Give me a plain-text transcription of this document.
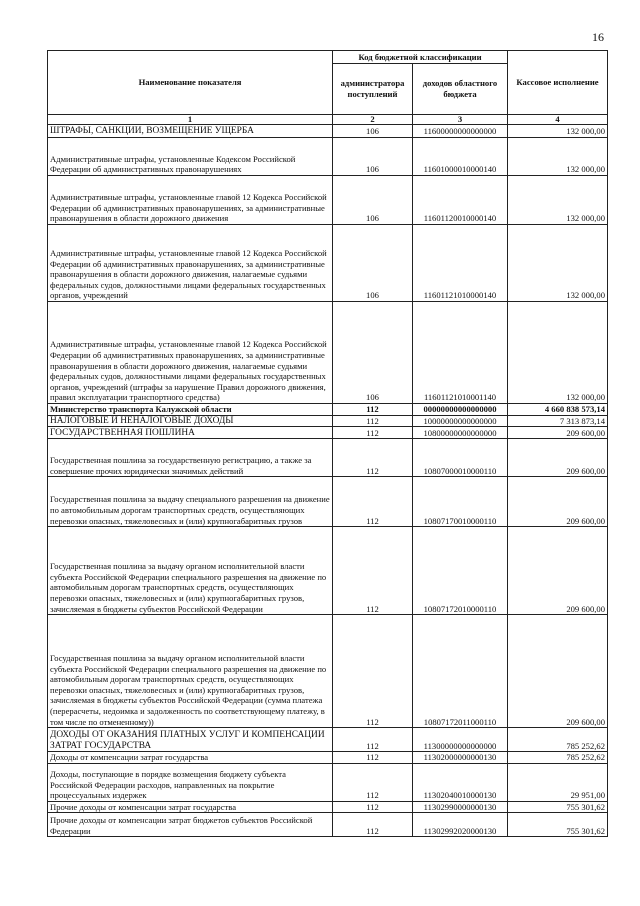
16
Наименование показателя	Код бюджетной классификации		Кассовое исполнение
	администратора поступлений	доходов областного бюджета	
1	2	3	4
ШТРАФЫ, САНКЦИИ, ВОЗМЕЩЕНИЕ УЩЕРБА	106	11600000000000000	132 000,00
Административные штрафы, установленные Кодексом Российской Федерации об административных правонарушениях	106	11601000010000140	132 000,00
Административные штрафы, установленные главой 12 Кодекса Российской Федерации об административных правонарушениях, за административные правонарушения в области дорожного движения	106	11601120010000140	132 000,00
Административные штрафы, установленные главой 12 Кодекса Российской Федерации об административных правонарушениях, за административные правонарушения в области дорожного движения, налагаемые судьями федеральных судов, должностными лицами федеральных государственных органов, учреждений	106	11601121010000140	132 000,00
Административные штрафы, установленные главой 12 Кодекса Российской Федерации об административных правонарушениях, за административные правонарушения в области дорожного движения, налагаемые судьями федеральных судов, должностными лицами федеральных государственных органов, учреждений (штрафы за нарушение Правил дорожного движения, правил эксплуатации транспортного средства)	106	11601121010001140	132 000,00
Министерство транспорта Калужской области	112	00000000000000000	4 660 838 573,14
НАЛОГОВЫЕ И НЕНАЛОГОВЫЕ ДОХОДЫ	112	10000000000000000	7 313 873,14
ГОСУДАРСТВЕННАЯ ПОШЛИНА	112	10800000000000000	209 600,00
Государственная пошлина за государственную регистрацию, а также за совершение прочих юридически значимых действий	112	10807000010000110	209 600,00
Государственная пошлина за выдачу специального разрешения на движение по автомобильным дорогам транспортных средств, осуществляющих перевозки опасных, тяжеловесных и (или) крупногабаритных грузов	112	10807170010000110	209 600,00
Государственная пошлина за выдачу органом исполнительной власти субъекта Российской Федерации специального разрешения на движение по автомобильным дорогам транспортных средств, осуществляющих перевозки опасных, тяжеловесных и (или) крупногабаритных грузов, зачисляемая в бюджеты субъектов Российской Федерации	112	10807172010000110	209 600,00
Государственная пошлина за выдачу органом исполнительной власти субъекта Российской Федерации специального разрешения на движение по автомобильным дорогам транспортных средств, осуществляющих перевозки опасных, тяжеловесных и (или) крупногабаритных грузов, зачисляемая в бюджеты субъектов Российской Федерации (сумма платежа (перерасчеты, недоимка и задолженность по соответствующему платежу, в том числе по отмененному))	112	10807172011000110	209 600,00
ДОХОДЫ ОТ ОКАЗАНИЯ ПЛАТНЫХ УСЛУГ И КОМПЕНСАЦИИ ЗАТРАТ ГОСУДАРСТВА	112	11300000000000000	785 252,62
Доходы от компенсации затрат государства	112	11302000000000130	785 252,62
Доходы, поступающие в порядке возмещения бюджету субъекта Российской Федерации расходов, направленных на покрытие процессуальных издержек	112	11302040010000130	29 951,00
Прочие доходы от компенсации затрат государства	112	11302990000000130	755 301,62
Прочие доходы от компенсации затрат бюджетов субъектов Российской Федерации	112	11302992020000130	755 301,62
